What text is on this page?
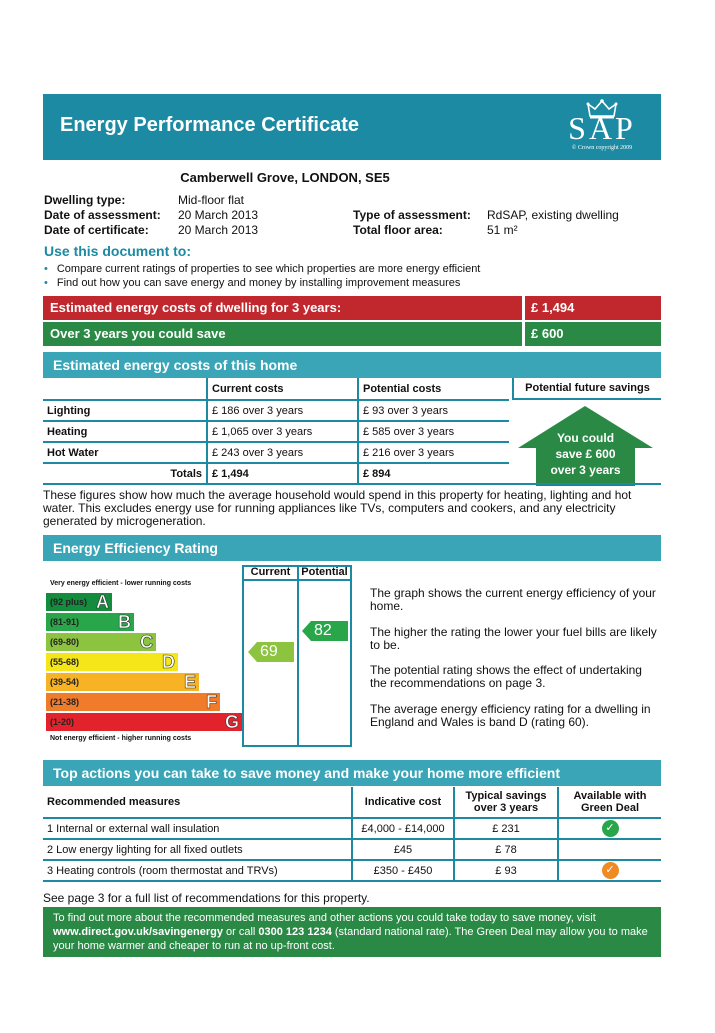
Energy Performance Certificate	SAP
© Crown copyright 2009
Camberwell Grove, LONDON, SE5
Dwelling type:	Mid-floor flat
Date of assessment: 20 March 2013	Type of assessment: RdSAP, existing dwelling
Date of certificate: 20 March 2013	Total floor area:	51 m²
Use this document to:
• Compare current ratings of properties to see which properties are more energy efficient
• Find out how you can save energy and money by installing improvement measures
Estimated energy costs of dwelling for 3 years:	£ 1,494
Over 3 years you could save	£ 600
Estimated energy costs of this home
	Current costs	Potential costs
Lighting	£ 186 over 3 years	£ 93 over 3 years
Heating	£ 1,065 over 3 years	£ 585 over 3 years
Hot Water	£ 243 over 3 years	£ 216 over 3 years
Totals	£ 1,494	£ 894
Potential future savings
You could
save £ 600
over 3 years
These figures show how much the average household would spend in this property for heating, lighting and hot water. This excludes energy use for running appliances like TVs, computers and cookers, and any electricity generated by microgeneration.
Energy Efficiency Rating
Very energy efficient - lower running costs
(92 plus) A
(81-91) B
(69-80)	C
(55-68)	D
(39-54)	E
(21-38)	F
(1-20)	G
Not energy efficient - higher running costs
Current Potential
69
82
The graph shows the current energy efficiency of your home.
The higher the rating the lower your fuel bills are likely to be.
The potential rating shows the effect of undertaking the recommendations on page 3.
The average energy efficiency rating for a dwelling in England and Wales is band D (rating 60).
Top actions you can take to save money and make your home more efficient
Recommended measures	Indicative cost	Typical savings over 3 years	Available with Green Deal
1 Internal or external wall insulation	£4,000 - £14,000	£ 231	✓
2 Low energy lighting for all fixed outlets	£45	£ 78	
3 Heating controls (room thermostat and TRVs)	£350 - £450	£ 93	✓
See page 3 for a full list of recommendations for this property.
To find out more about the recommended measures and other actions you could take today to save money, visit www.direct.gov.uk/savingenergy or call 0300 123 1234 (standard national rate). The Green Deal may allow you to make your home warmer and cheaper to run at no up-front cost.
